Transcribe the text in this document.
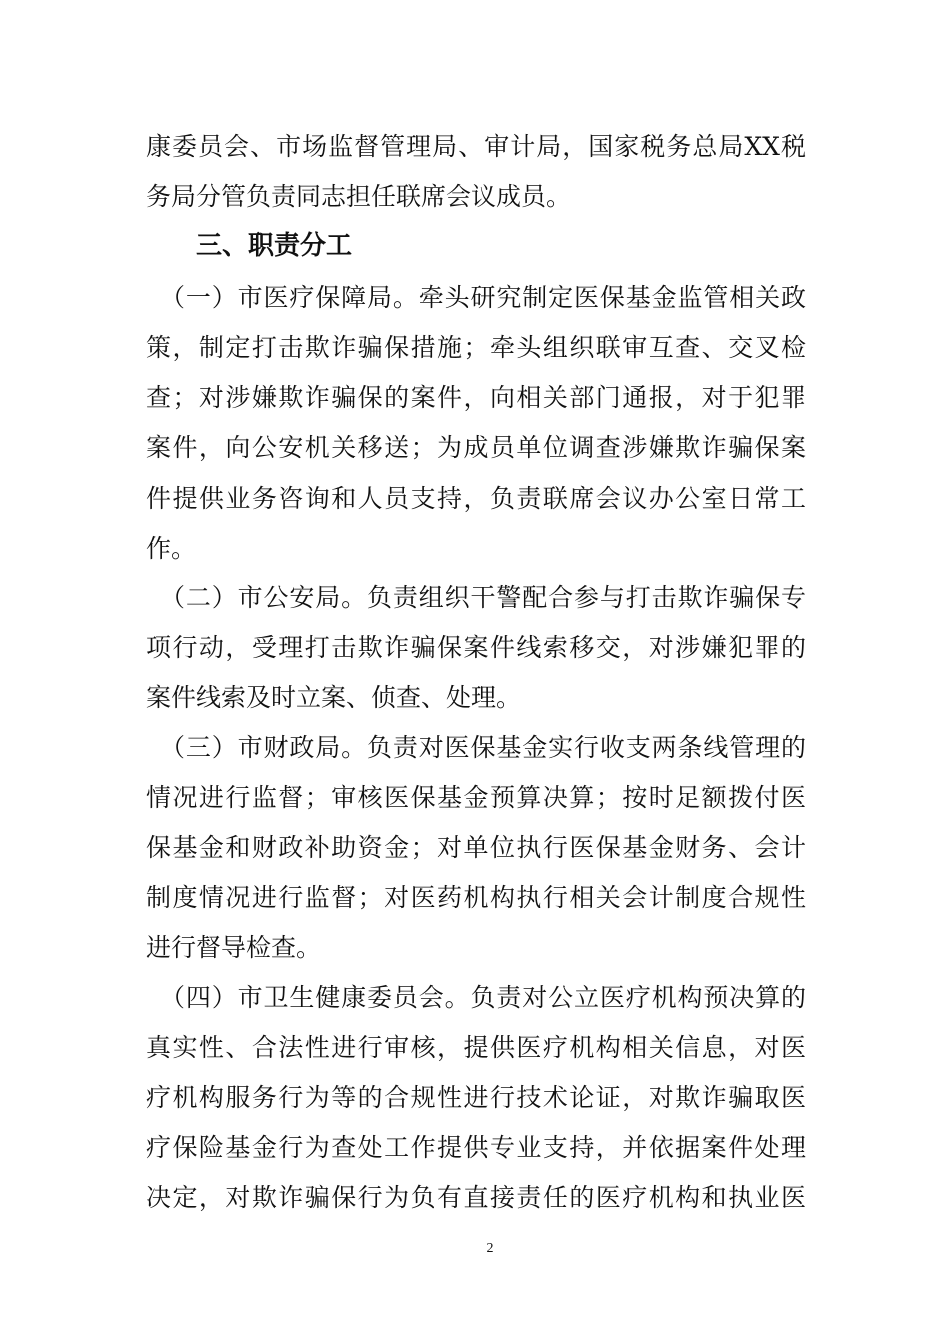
康委员会、市场监督管理局、审计局，国家税务总局XX税
务局分管负责同志担任联席会议成员。
三、职责分工
（一）市医疗保障局。牵头研究制定医保基金监管相关政
策，制定打击欺诈骗保措施；牵头组织联审互查、交叉检
查；对涉嫌欺诈骗保的案件，向相关部门通报，对于犯罪
案件，向公安机关移送；为成员单位调查涉嫌欺诈骗保案
件提供业务咨询和人员支持，负责联席会议办公室日常工
作。
（二）市公安局。负责组织干警配合参与打击欺诈骗保专
项行动，受理打击欺诈骗保案件线索移交，对涉嫌犯罪的
案件线索及时立案、侦查、处理。
（三）市财政局。负责对医保基金实行收支两条线管理的
情况进行监督；审核医保基金预算决算；按时足额拨付医
保基金和财政补助资金；对单位执行医保基金财务、会计
制度情况进行监督；对医药机构执行相关会计制度合规性
进行督导检查。
（四）市卫生健康委员会。负责对公立医疗机构预决算的
真实性、合法性进行审核，提供医疗机构相关信息，对医
疗机构服务行为等的合规性进行技术论证，对欺诈骗取医
疗保险基金行为查处工作提供专业支持，并依据案件处理
决定，对欺诈骗保行为负有直接责任的医疗机构和执业医
2
